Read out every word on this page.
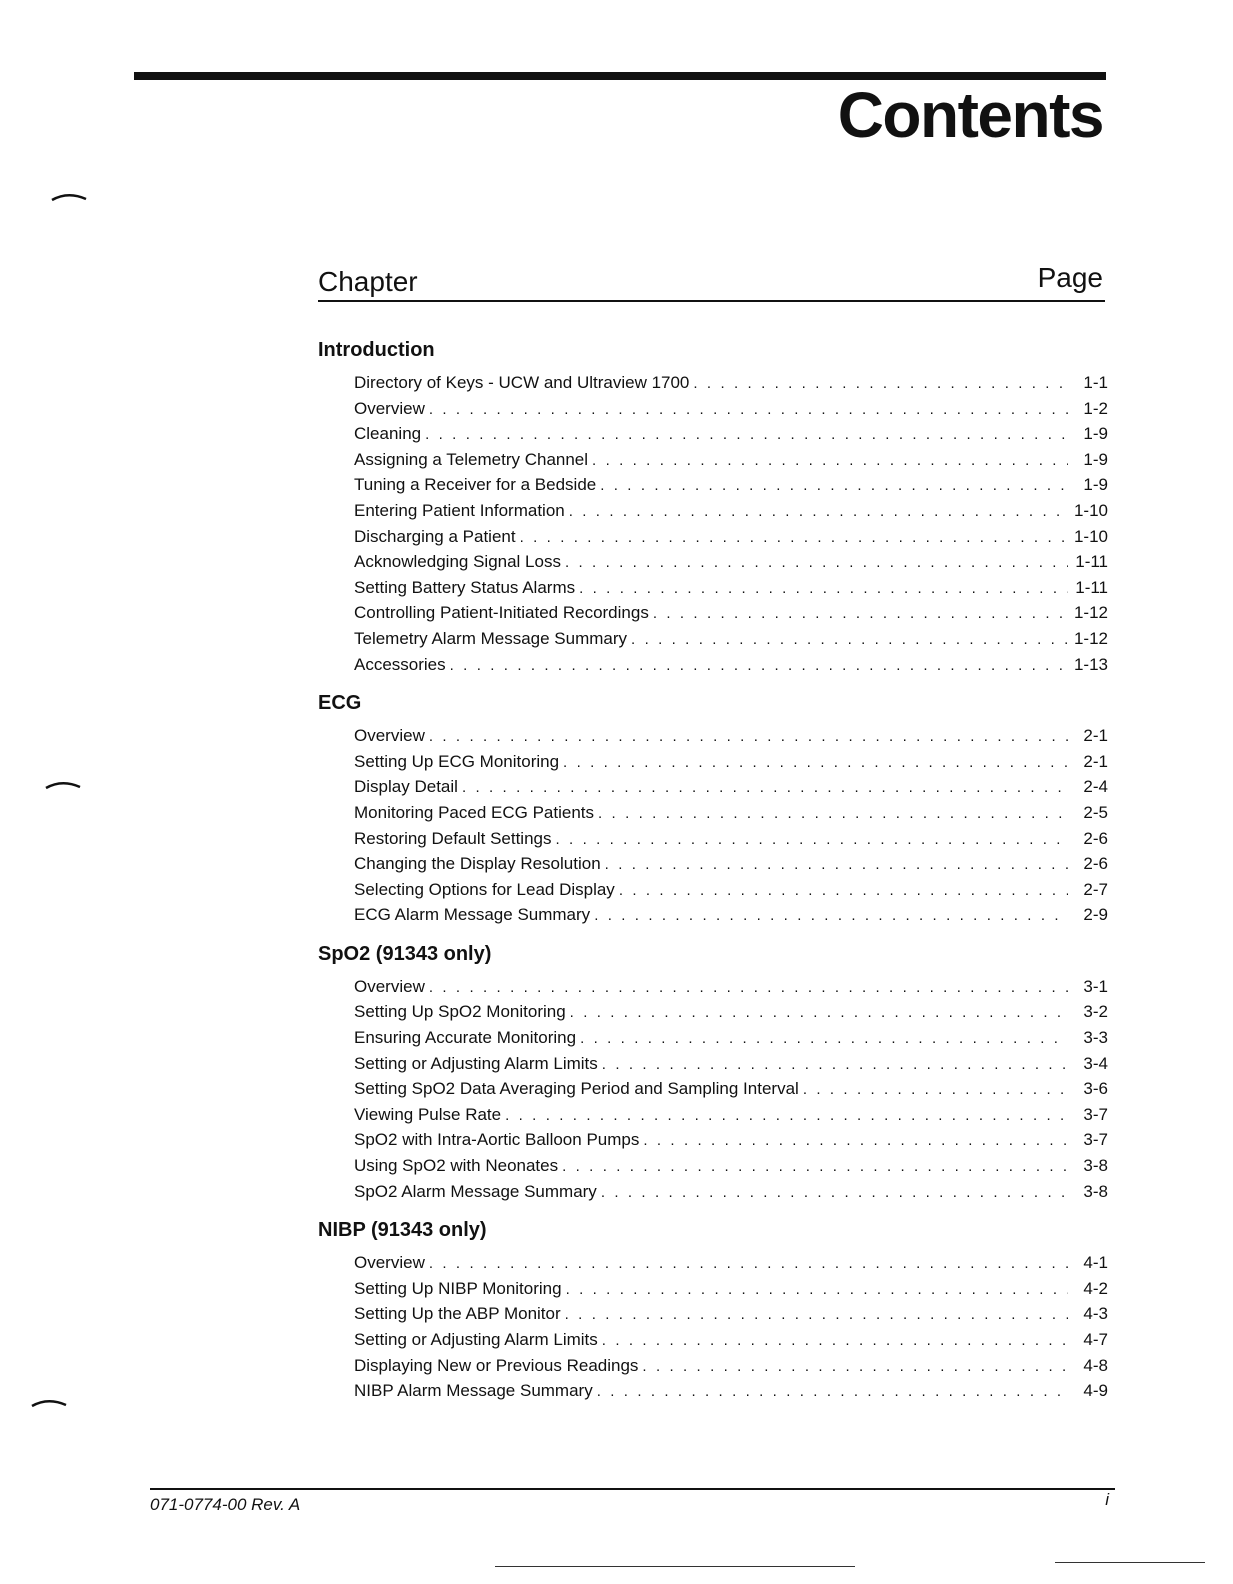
Contents
Chapter	Page
Introduction
Directory of Keys - UCW and Ultraview 1700 . . .	1-1
Overview . . .	1-2
Cleaning . . .	1-9
Assigning a Telemetry Channel . . .	1-9
Tuning a Receiver for a Bedside . . .	1-9
Entering Patient Information . . .	1-10
Discharging a Patient . . .	1-10
Acknowledging Signal Loss . . .	1-11
Setting Battery Status Alarms . . .	1-11
Controlling Patient-Initiated Recordings . . .	1-12
Telemetry Alarm Message Summary . . .	1-12
Accessories . . .	1-13
ECG
Overview . . .	2-1
Setting Up ECG Monitoring . . .	2-1
Display Detail . . .	2-4
Monitoring Paced ECG Patients . . .	2-5
Restoring Default Settings . . .	2-6
Changing the Display Resolution . . .	2-6
Selecting Options for Lead Display . . .	2-7
ECG Alarm Message Summary . . .	2-9
SpO2 (91343 only)
Overview . . .	3-1
Setting Up SpO2 Monitoring . . .	3-2
Ensuring Accurate Monitoring . . .	3-3
Setting or Adjusting Alarm Limits . . .	3-4
Setting SpO2 Data Averaging Period and Sampling Interval . . .	3-6
Viewing Pulse Rate . . .	3-7
SpO2 with Intra-Aortic Balloon Pumps . . .	3-7
Using SpO2 with Neonates . . .	3-8
SpO2 Alarm Message Summary . . .	3-8
NIBP (91343 only)
Overview . . .	4-1
Setting Up NIBP Monitoring . . .	4-2
Setting Up the ABP Monitor . . .	4-3
Setting or Adjusting Alarm Limits . . .	4-7
Displaying New or Previous Readings . . .	4-8
NIBP Alarm Message Summary . . .	4-9
071-0774-00 Rev. A	i
